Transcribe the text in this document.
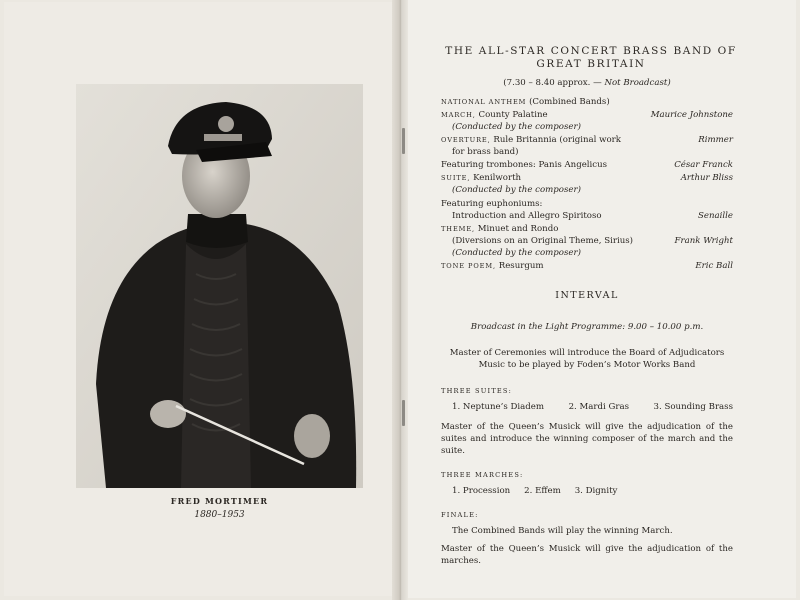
FRED MORTIMER
1880–1953
THE ALL-STAR CONCERT BRASS BAND OF GREAT BRITAIN
(7.30 – 8.40 approx. — Not Broadcast)
NATIONAL ANTHEM (Combined Bands)
MARCH, County Palatine	Maurice Johnstone
(Conducted by the composer)
OVERTURE, Rule Britannia (original work	Rimmer
for brass band)
Featuring trombones: Panis Angelicus	César Franck
SUITE, Kenilworth	Arthur Bliss
(Conducted by the composer)
Featuring euphoniums:
Introduction and Allegro Spiritoso	Senaille
THEME, Minuet and Rondo
(Diversions on an Original Theme, Sirius)	Frank Wright
(Conducted by the composer)
TONE POEM, Resurgum	Eric Ball
INTERVAL
Broadcast in the Light Programme: 9.00 – 10.00 p.m.
Master of Ceremonies will introduce the Board of Adjudicators
Music to be played by Foden’s Motor Works Band
THREE SUITES:
1. Neptune’s Diadem	2. Mardi Gras	3. Sounding Brass
Master of the Queen’s Musick will give the adjudication of the suites and introduce the winning composer of the march and the suite.
THREE MARCHES:
1. Procession 2. Effem 3. Dignity
FINALE:
The Combined Bands will play the winning March.
Master of the Queen’s Musick will give the adjudication of the marches.
